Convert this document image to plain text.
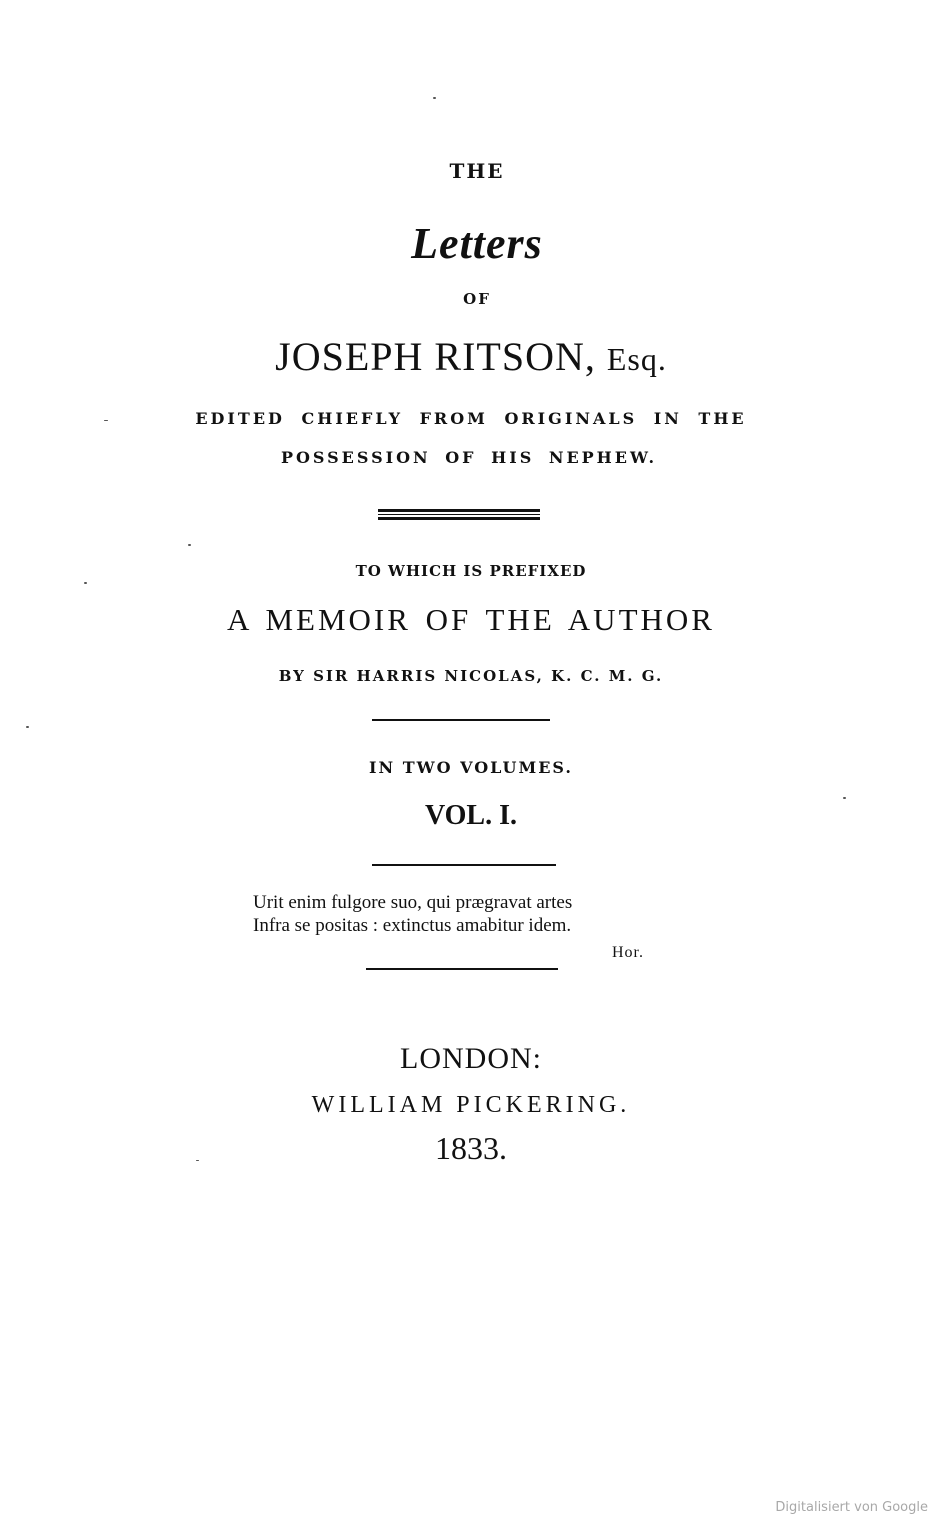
THE

Letters

OF

JOSEPH RITSON, Esq.

EDITED CHIEFLY FROM ORIGINALS IN THE

POSSESSION OF HIS NEPHEW.

TO WHICH IS PREFIXED

A MEMOIR OF THE AUTHOR

BY SIR HARRIS NICOLAS, K. C. M. G.

IN TWO VOLUMES.

VOL. I.

Urit enim fulgore suo, qui prægravat artes
Infra se positas : extinctus amabitur idem.
Hor.

LONDON:

WILLIAM PICKERING.

1833.

Digitalisiert von Google
